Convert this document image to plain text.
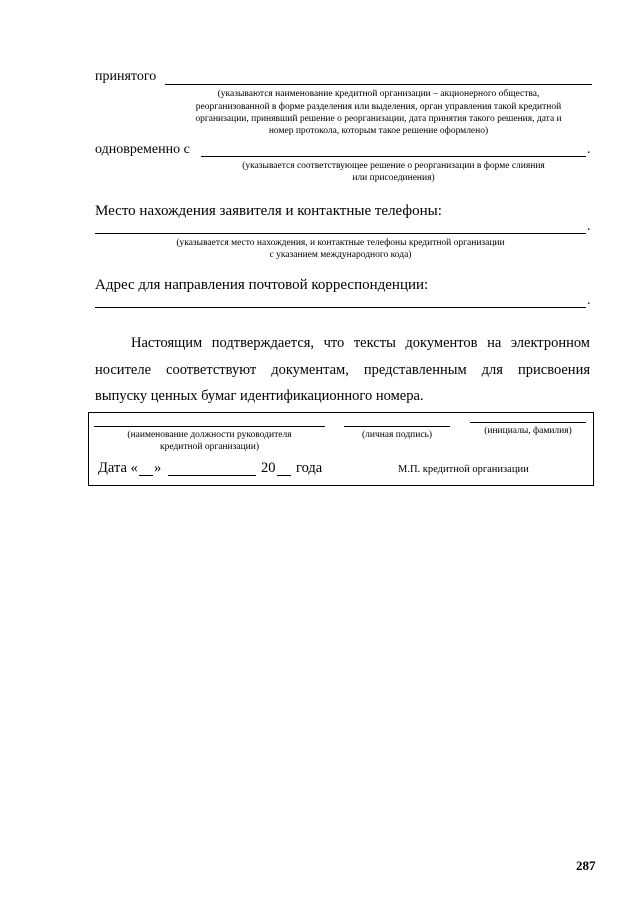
принятого
(указываются наименование кредитной организации – акционерного общества,
реорганизованной в форме разделения или выделения, орган управления такой кредитной
организации, принявший решение о реорганизации, дата принятия такого решения, дата и
номер протокола, которым такое решение оформлено)
одновременно с	.
(указывается соответствующее решение о реорганизации в форме слияния
или присоединения)
Место нахождения заявителя и контактные телефоны:
.
(указывается место нахождения, и контактные телефоны кредитной организации
с указанием международного кода)
Адрес для направления почтовой корреспонденции:
.
Настоящим подтверждается, что тексты документов на электронном
носителе соответствуют документам, представленным для присвоения
выпуску ценных бумаг идентификационного номера.
(наименование должности руководителя
кредитной организации)
(личная подпись)	(инициалы, фамилия)
Дата « »	20 года	М.П. кредитной организации
287
